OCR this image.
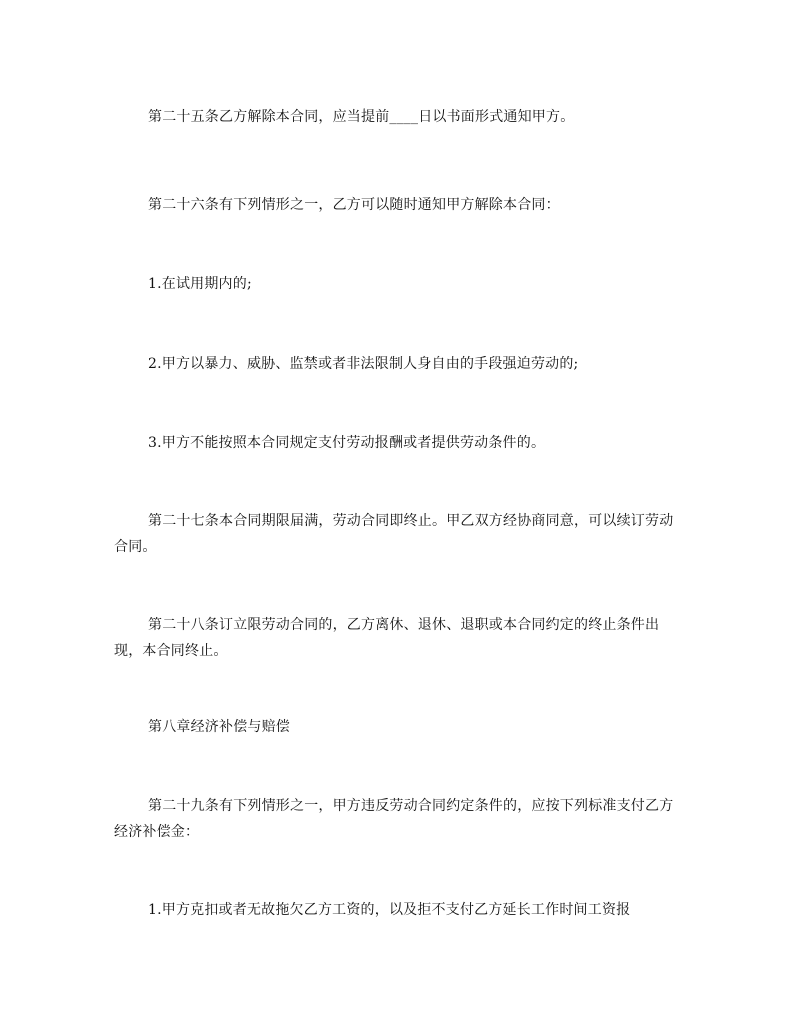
第二十五条乙方解除本合同，应当提前____日以书面形式通知甲方。

第二十六条有下列情形之一，乙方可以随时通知甲方解除本合同：

1.在试用期内的;

2.甲方以暴力、威胁、监禁或者非法限制人身自由的手段强迫劳动的;

3.甲方不能按照本合同规定支付劳动报酬或者提供劳动条件的。

第二十七条本合同期限届满，劳动合同即终止。甲乙双方经协商同意，可以续订劳动合同。

第二十八条订立限劳动合同的，乙方离休、退休、退职或本合同约定的终止条件出现，本合同终止。

第八章经济补偿与赔偿

第二十九条有下列情形之一，甲方违反劳动合同约定条件的，应按下列标准支付乙方经济补偿金：

1.甲方克扣或者无故拖欠乙方工资的，以及拒不支付乙方延长工作时间工资报
